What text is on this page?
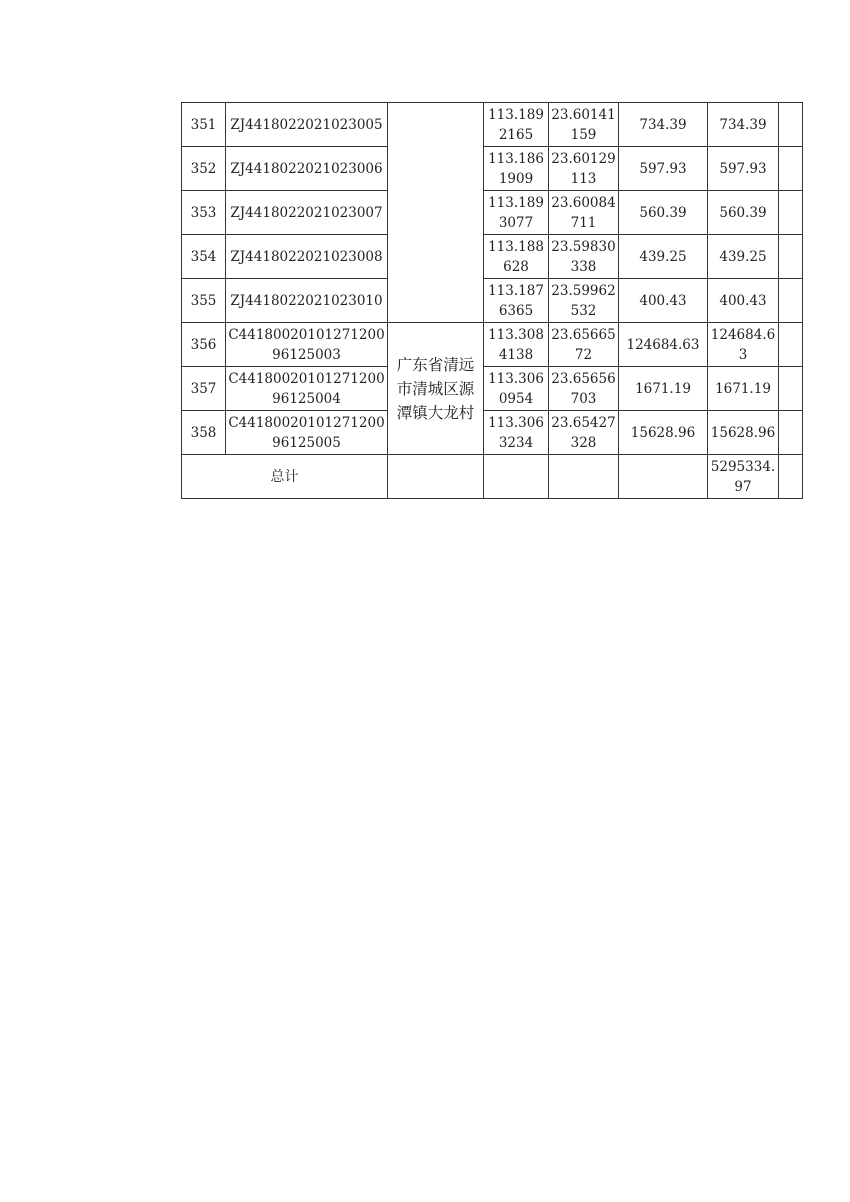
351	ZJ4418022021023005		113.1892165	23.60141159	734.39	734.39	
352	ZJ4418022021023006		113.1861909	23.60129113	597.93	597.93	
353	ZJ4418022021023007		113.1893077	23.60084711	560.39	560.39	
354	ZJ4418022021023008		113.188628	23.59830338	439.25	439.25	
355	ZJ4418022021023010		113.1876365	23.59962532	400.43	400.43	
356	C4418002010127120096125003	广东省清远市清城区源潭镇大龙村	113.3084138	23.6566572	124684.63	124684.63	
357	C4418002010127120096125004		113.3060954	23.65656703	1671.19	1671.19	
358	C4418002010127120096125005		113.3063234	23.65427328	15628.96	15628.96	
总计						5295334.97	
